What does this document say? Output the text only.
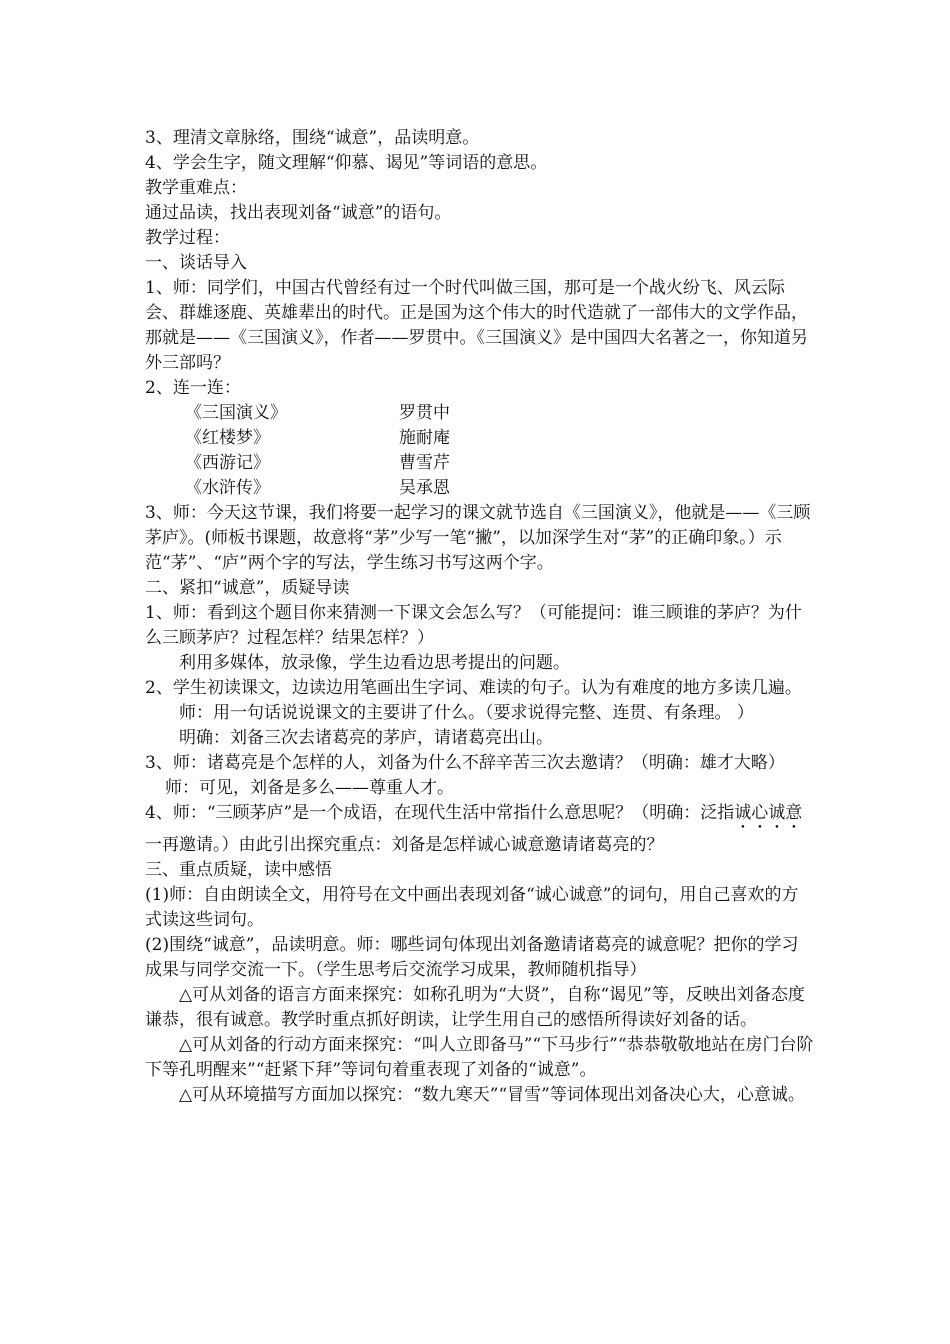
3、理清文章脉络，围绕“诚意”，品读明意。
4、学会生字，随文理解“仰慕、谒见”等词语的意思。
教学重难点：
通过品读，找出表现刘备“诚意”的语句。
教学过程：
一、谈话导入
1、师：同学们，中国古代曾经有过一个时代叫做三国，那可是一个战火纷飞、风云际会、群雄逐鹿、英雄辈出的时代。正是国为这个伟大的时代造就了一部伟大的文学作品，那就是——《三国演义》，作者——罗贯中。《三国演义》是中国四大名著之一，你知道另外三部吗？
2、连一连：
《三国演义》	罗贯中
《红楼梦》	施耐庵
《西游记》	曹雪芹
《水浒传》	吴承恩
3、师：今天这节课，我们将要一起学习的课文就节选自《三国演义》，他就是——《三顾茅庐》。(师板书课题，故意将“茅”少写一笔“撇”，以加深学生对“茅”的正确印象。）示范“茅”、“庐”两个字的写法，学生练习书写这两个字。
二、紧扣“诚意”，质疑导读
1、师：看到这个题目你来猜测一下课文会怎么写？（可能提问：谁三顾谁的茅庐？为什么三顾茅庐？过程怎样？结果怎样？）
利用多媒体，放录像，学生边看边思考提出的问题。
2、学生初读课文，边读边用笔画出生字词、难读的句子。认为有难度的地方多读几遍。
师：用一句话说说课文的主要讲了什么。（要求说得完整、连贯、有条理。 ）
明确：刘备三次去诸葛亮的茅庐，请诸葛亮出山。
3、师：诸葛亮是个怎样的人，刘备为什么不辞辛苦三次去邀请？（明确：雄才大略）
师：可见，刘备是多么——尊重人才。
4、师：“三顾茅庐”是一个成语，在现代生活中常指什么意思呢？（明确：泛指诚心诚意一再邀请。）由此引出探究重点：刘备是怎样诚心诚意邀请诸葛亮的？
三、重点质疑，读中感悟
(1)师：自由朗读全文，用符号在文中画出表现刘备“诚心诚意”的词句，用自己喜欢的方式读这些词句。
(2)围绕“诚意”，品读明意。师：哪些词句体现出刘备邀请诸葛亮的诚意呢？把你的学习成果与同学交流一下。（学生思考后交流学习成果，教师随机指导）
△可从刘备的语言方面来探究：如称孔明为“大贤”，自称“谒见”等，反映出刘备态度谦恭，很有诚意。教学时重点抓好朗读，让学生用自己的感悟所得读好刘备的话。
△可从刘备的行动方面来探究：“叫人立即备马”“下马步行”“恭恭敬敬地站在房门台阶下等孔明醒来”“赶紧下拜”等词句着重表现了刘备的“诚意”。
△可从环境描写方面加以探究：“数九寒天”“冒雪”等词体现出刘备决心大，心意诚。
